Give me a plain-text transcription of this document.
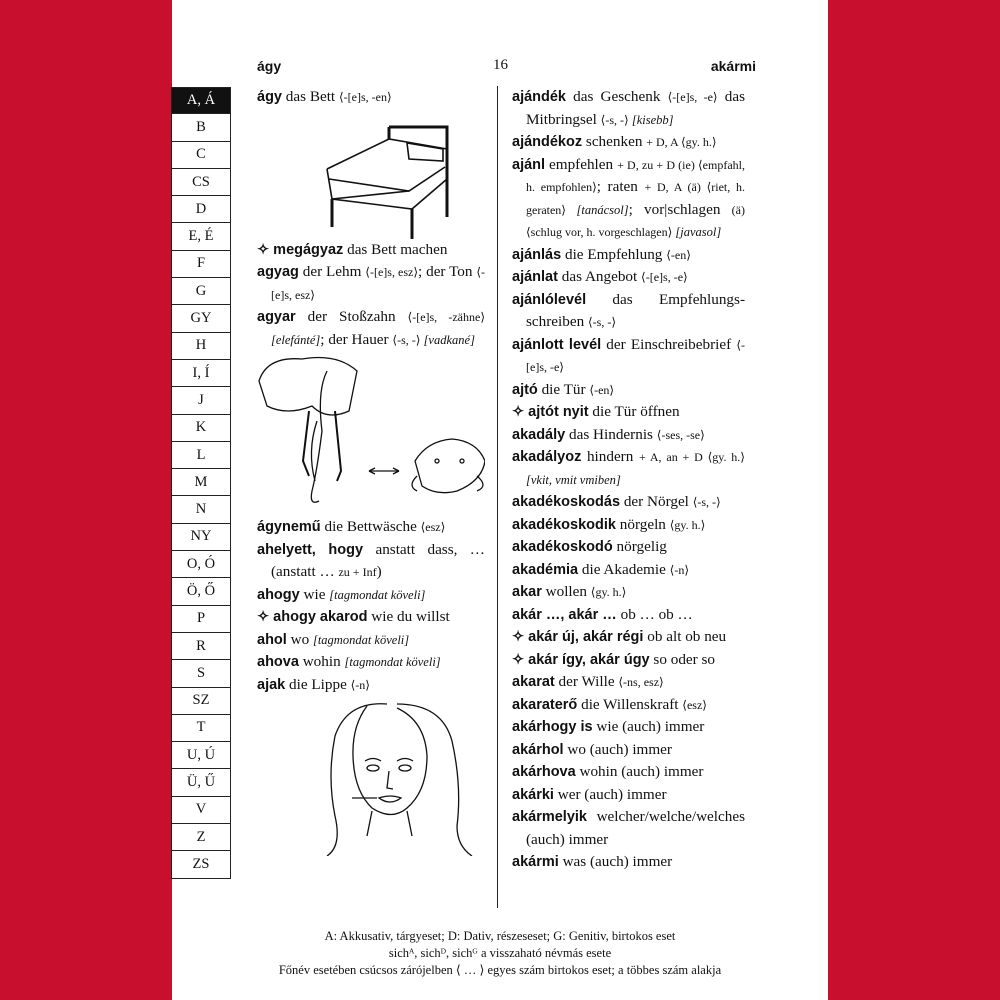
ágy	16	akármi
A, Á
B
C
CS
D
E, É
F
G
GY
H
I, Í
J
K
L
M
N
NY
O, Ó
Ö, Ő
P
R
S
SZ
T
U, Ú
Ü, Ű
V
Z
ZS

ágy das Bett ⟨-[e]s, -en⟩

✧ megágyaz das Bett machen

agyag der Lehm ⟨-[e]s, esz⟩; der Ton ⟨-[e]s, esz⟩

agyar der Stoßzahn ⟨-[e]s, -zähne⟩ [elefánté]; der Hauer ⟨-s, -⟩ [vadkané]

ágynemű die Bettwäsche ⟨esz⟩

ahelyett, hogy anstatt dass, … (anstatt … zu + Inf)

ahogy wie [tagmondat köveli]

✧ ahogy akarod wie du willst

ahol wo [tagmondat köveli]

ahova wohin [tagmondat köveli]

ajak die Lippe ⟨-n⟩

ajándék das Geschenk ⟨-[e]s, -e⟩ das Mitbringsel ⟨-s, -⟩ [kisebb]

ajándékoz schenken + D, A ⟨gy. h.⟩

ajánl empfehlen + D, zu + D (ie) ⟨empfahl, h. empfohlen⟩; raten + D, A (ä) ⟨riet, h. geraten⟩ [tanácsol]; vor|schlagen (ä) ⟨schlug vor, h. vorgeschlagen⟩ [javasol]

ajánlás die Empfehlung ⟨-en⟩

ajánlat das Angebot ⟨-[e]s, -e⟩

ajánlólevél das Empfehlungsschreiben ⟨-s, -⟩

ajánlott levél der Einschreibebrief ⟨-[e]s, -e⟩

ajtó die Tür ⟨-en⟩

✧ ajtót nyit die Tür öffnen

akadály das Hindernis ⟨-ses, -se⟩

akadályoz hindern + A, an + D ⟨gy. h.⟩ [vkit, vmit vmiben]

akadékoskodás der Nörgel ⟨-s, -⟩

akadékoskodik nörgeln ⟨gy. h.⟩

akadékoskodó nörgelig

akadémia die Akademie ⟨-n⟩

akar wollen ⟨gy. h.⟩

akár …, akár … ob … ob …

✧ akár új, akár régi ob alt ob neu

✧ akár így, akár úgy so oder so

akarat der Wille ⟨-ns, esz⟩

akaraterő die Willenskraft ⟨esz⟩

akárhogy is wie (auch) immer

akárhol wo (auch) immer

akárhova wohin (auch) immer

akárki wer (auch) immer

akármelyik welcher/welche/welches (auch) immer

akármi was (auch) immer

A: Akkusativ, tárgyeset; D: Dativ, részeseset; G: Genitiv, birtokos eset
sichᴬ, sichᴰ, sichᴳ a visszaható névmás esete
Főnév esetében csúcsos zárójelben ⟨ … ⟩ egyes szám birtokos eset; a többes szám alakja
